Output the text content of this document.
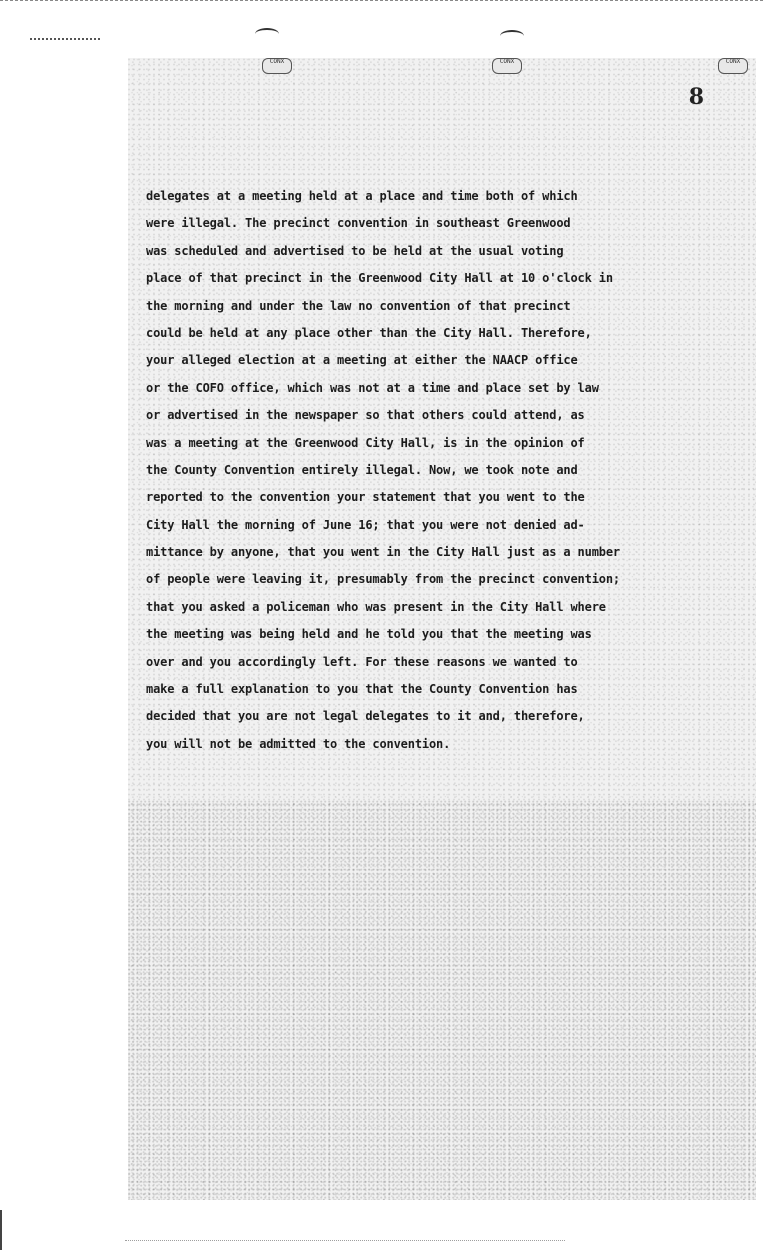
CONX	CONX	CONX
8
delegates at a meeting held at a place and time both of which
were illegal. The precinct convention in southeast Greenwood
was scheduled and advertised to be held at the usual voting
place of that precinct in the Greenwood City Hall at 10 o'clock in
the morning and under the law no convention of that precinct
could be held at any place other than the City Hall. Therefore,
your alleged election at a meeting at either the NAACP office
or the COFO office, which was not at a time and place set by law
or advertised in the newspaper so that others could attend, as
was a meeting at the Greenwood City Hall, is in the opinion of
the County Convention entirely illegal. Now, we took note and
reported to the convention your statement that you went to the
City Hall the morning of June 16; that you were not denied ad-
mittance by anyone, that you went in the City Hall just as a number
of people were leaving it, presumably from the precinct convention;
that you asked a policeman who was present in the City Hall where
the meeting was being held and he told you that the meeting was
over and you accordingly left. For these reasons we wanted to
make a full explanation to you that the County Convention has
decided that you are not legal delegates to it and, therefore,
you will not be admitted to the convention.
